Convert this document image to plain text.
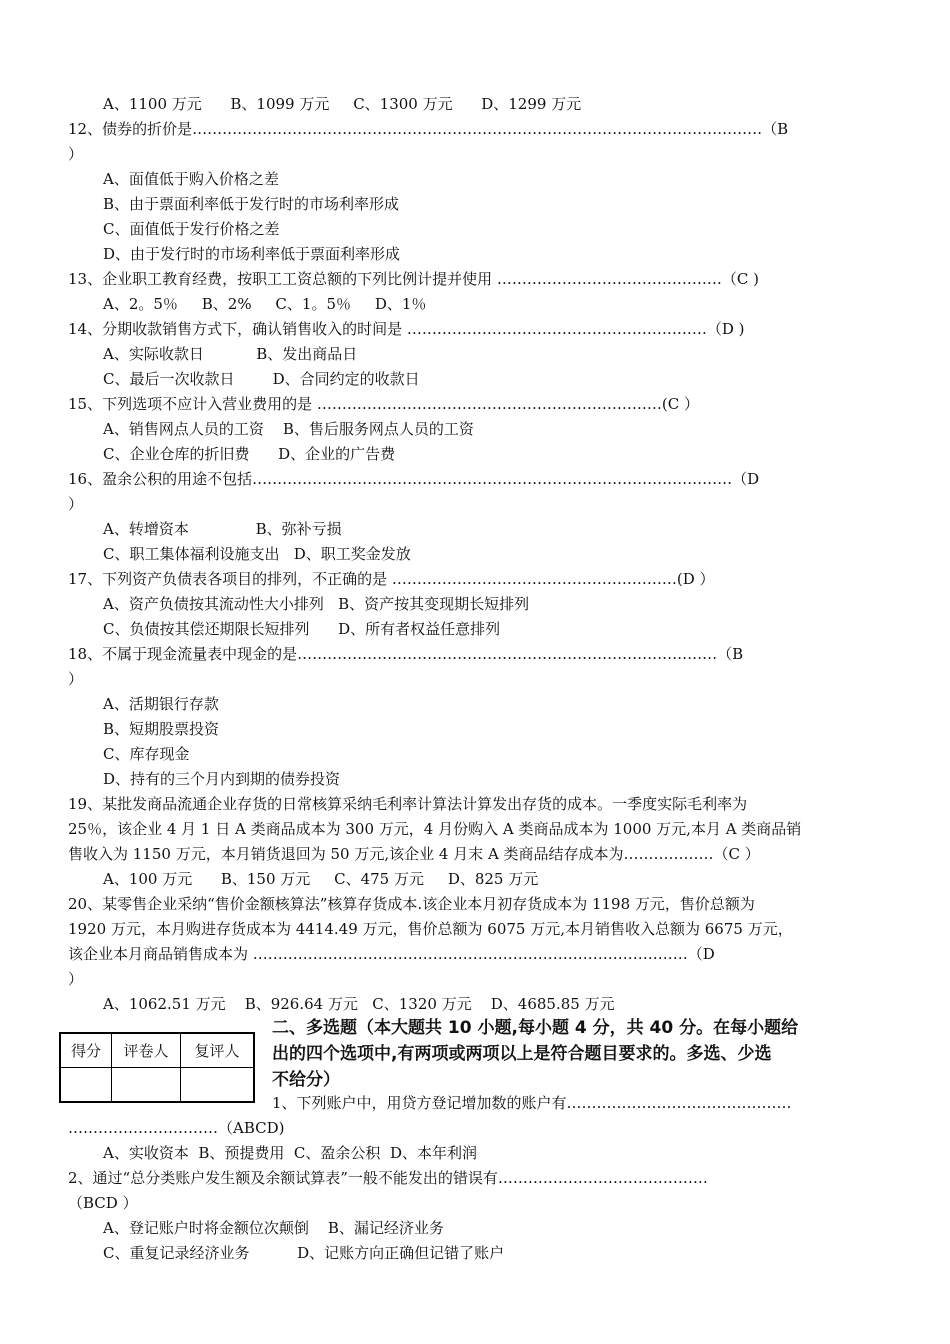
A、1100 万元      B、1099 万元     C、1300 万元      D、1299 万元
12、债券的折价是……………………………………………………………………………………………………（B
）
A、面值低于购入价格之差
B、由于票面利率低于发行时的市场利率形成
C、面值低于发行价格之差
D、由于发行时的市场利率低于票面利率形成
13、企业职工教育经费，按职工工资总额的下列比例计提并使用 ………………………………………（C )
A、2。5％     B、2%     C、1。5％     D、1％
14、分期收款销售方式下，确认销售收入的时间是 ……………………………………………………（D )
A、实际收款日           B、发出商品日
C、最后一次收款日        D、合同约定的收款日
15、下列选项不应计入营业费用的是 ……………………………………………………………(C ）
A、销售网点人员的工资    B、售后服务网点人员的工资
C、企业仓库的折旧费      D、企业的广告费
16、盈余公积的用途不包括……………………………………………………………………………………（D
）
A、转增资本              B、弥补亏损
C、职工集体福利设施支出   D、职工奖金发放
17、下列资产负债表各项目的排列，不正确的是 …………………………………………………(D ）
A、资产负债按其流动性大小排列   B、资产按其变现期长短排列
C、负债按其偿还期限长短排列      D、所有者权益任意排列
18、不属于现金流量表中现金的是…………………………………………………………………………（B
）
A、活期银行存款
B、短期股票投资
C、库存现金
D、持有的三个月内到期的债券投资
19、某批发商品流通企业存货的日常核算采纳毛利率计算法计算发出存货的成本。一季度实际毛利率为
25％，该企业 4 月 1 日 A 类商品成本为 300 万元，4 月份购入 A 类商品成本为 1000 万元,本月 A 类商品销
售收入为 1150 万元，本月销货退回为 50 万元,该企业 4 月末 A 类商品结存成本为………………（C ）
A、100 万元      B、150 万元     C、475 万元     D、825 万元
20、某零售企业采纳“售价金额核算法”核算存货成本.该企业本月初存货成本为 1198 万元，售价总额为
1920 万元，本月购进存货成本为 4414.49 万元，售价总额为 6075 万元,本月销售收入总额为 6675 万元，
该企业本月商品销售成本为 ……………………………………………………………………………（D
）
A、1062.51 万元    B、926.64 万元   C、1320 万元    D、4685.85 万元
1、下列账户中，用贷方登记增加数的账户有………………………………………
…………………………（ABCD)
A、实收资本  B、预提费用  C、盈余公积  D、本年利润
2、通过“总分类账户发生额及余额试算表”一般不能发出的错误有……………………………………
（BCD ）
A、登记账户时将金额位次颠倒    B、漏记经济业务
C、重复记录经济业务          D、记账方向正确但记错了账户
得分	评卷人	复评人

二、多选题（本大题共 10 小题,每小题 4 分，共 40 分。在每小题给
出的四个选项中,有两项或两项以上是符合题目要求的。多选、少选
不给分）
